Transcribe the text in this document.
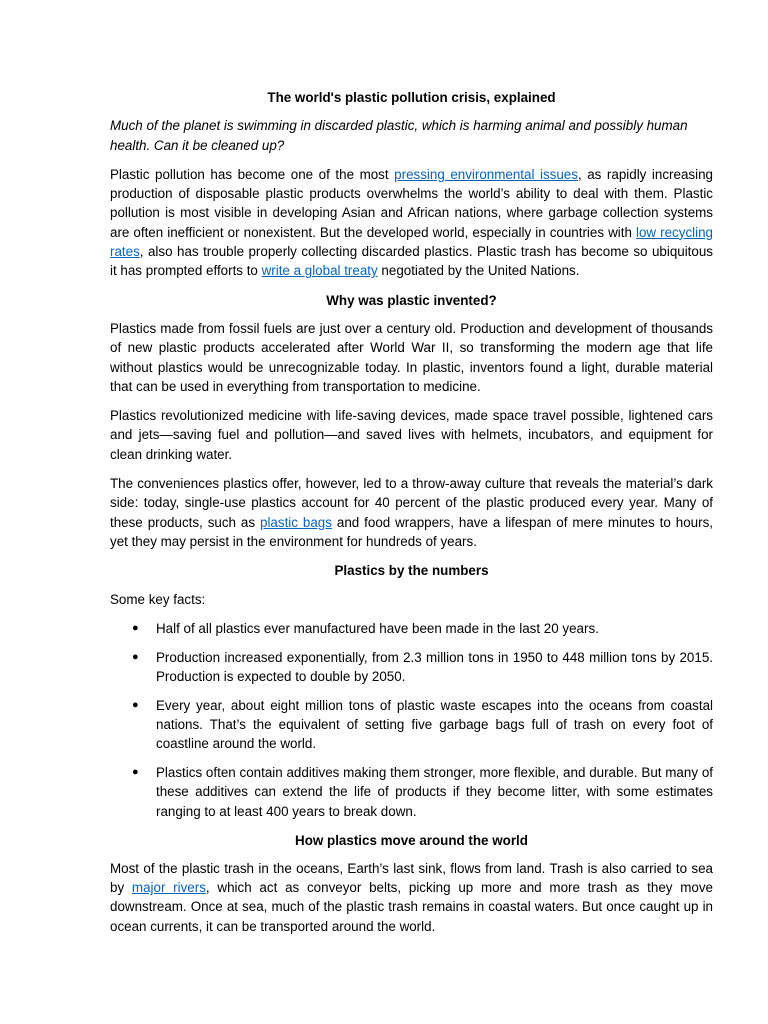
The world's plastic pollution crisis, explained

Much of the planet is swimming in discarded plastic, which is harming animal and possibly human health. Can it be cleaned up?

Plastic pollution has become one of the most pressing environmental issues, as rapidly increasing production of disposable plastic products overwhelms the world’s ability to deal with them. Plastic pollution is most visible in developing Asian and African nations, where garbage collection systems are often inefficient or nonexistent. But the developed world, especially in countries with low recycling rates, also has trouble properly collecting discarded plastics. Plastic trash has become so ubiquitous it has prompted efforts to write a global treaty negotiated by the United Nations.

Why was plastic invented?

Plastics made from fossil fuels are just over a century old. Production and development of thousands of new plastic products accelerated after World War II, so transforming the modern age that life without plastics would be unrecognizable today. In plastic, inventors found a light, durable material that can be used in everything from transportation to medicine.

Plastics revolutionized medicine with life-saving devices, made space travel possible, lightened cars and jets—saving fuel and pollution—and saved lives with helmets, incubators, and equipment for clean drinking water.

The conveniences plastics offer, however, led to a throw-away culture that reveals the material’s dark side: today, single-use plastics account for 40 percent of the plastic produced every year. Many of these products, such as plastic bags and food wrappers, have a lifespan of mere minutes to hours, yet they may persist in the environment for hundreds of years.

Plastics by the numbers

Some key facts:

● Half of all plastics ever manufactured have been made in the last 20 years.
● Production increased exponentially, from 2.3 million tons in 1950 to 448 million tons by 2015. Production is expected to double by 2050.
● Every year, about eight million tons of plastic waste escapes into the oceans from coastal nations. That’s the equivalent of setting five garbage bags full of trash on every foot of coastline around the world.
● Plastics often contain additives making them stronger, more flexible, and durable. But many of these additives can extend the life of products if they become litter, with some estimates ranging to at least 400 years to break down.
How plastics move around the world

Most of the plastic trash in the oceans, Earth’s last sink, flows from land. Trash is also carried to sea by major rivers, which act as conveyor belts, picking up more and more trash as they move downstream. Once at sea, much of the plastic trash remains in coastal waters. But once caught up in ocean currents, it can be transported around the world.
